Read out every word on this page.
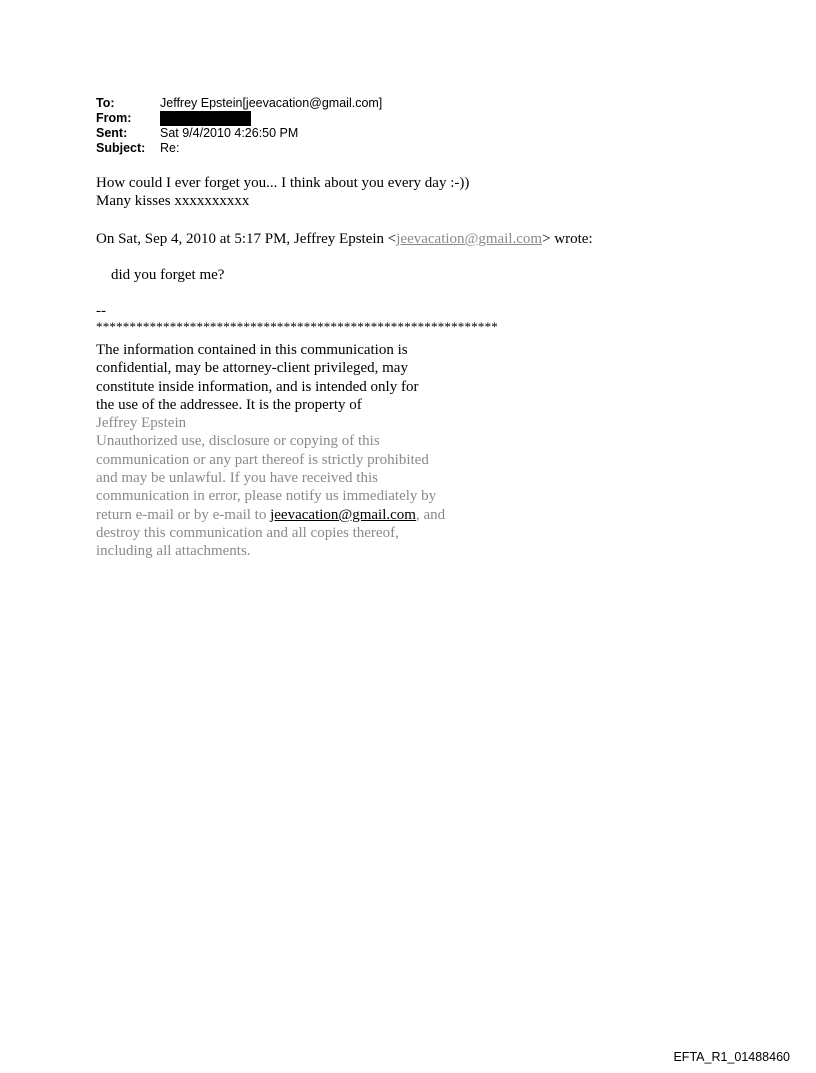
To:	Jeffrey Epstein[jeevacation@gmail.com]
From:
Sent:	Sat 9/4/2010 4:26:50 PM
Subject:	Re:
How could I ever forget you... I think about you every day :-))
Many kisses xxxxxxxxxx
On Sat, Sep 4, 2010 at 5:17 PM, Jeffrey Epstein <jeevacation@gmail.com> wrote:
did you forget me?
--
************************************************************
The information contained in this communication is
confidential, may be attorney-client privileged, may
constitute inside information, and is intended only for
the use of the addressee. It is the property of
Jeffrey Epstein
Unauthorized use, disclosure or copying of this
communication or any part thereof is strictly prohibited
and may be unlawful. If you have received this
communication in error, please notify us immediately by
return e-mail or by e-mail to jeevacation@gmail.com, and
destroy this communication and all copies thereof,
including all attachments.
EFTA_R1_01488460
